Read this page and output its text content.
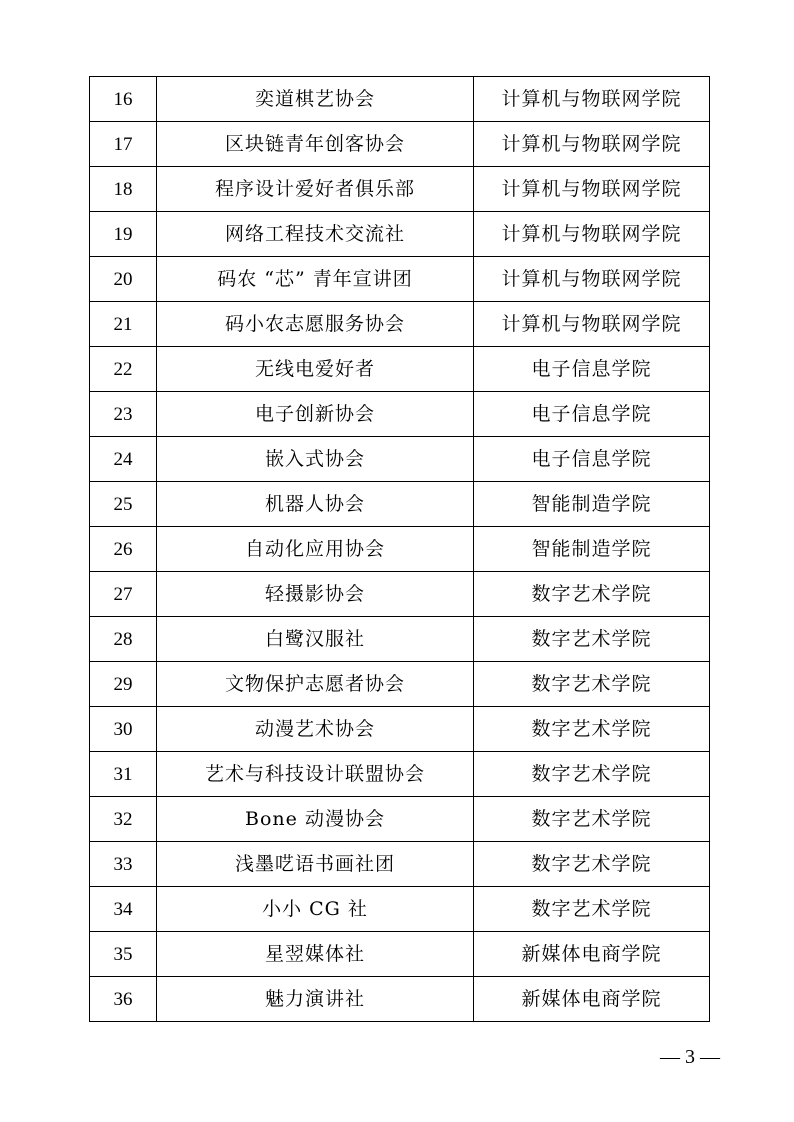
16	奕道棋艺协会	计算机与物联网学院
17	区块链青年创客协会	计算机与物联网学院
18	程序设计爱好者俱乐部	计算机与物联网学院
19	网络工程技术交流社	计算机与物联网学院
20	码农 “芯” 青年宣讲团	计算机与物联网学院
21	码小农志愿服务协会	计算机与物联网学院
22	无线电爱好者	电子信息学院
23	电子创新协会	电子信息学院
24	嵌入式协会	电子信息学院
25	机器人协会	智能制造学院
26	自动化应用协会	智能制造学院
27	轻摄影协会	数字艺术学院
28	白鹭汉服社	数字艺术学院
29	文物保护志愿者协会	数字艺术学院
30	动漫艺术协会	数字艺术学院
31	艺术与科技设计联盟协会	数字艺术学院
32	Bone 动漫协会	数字艺术学院
33	浅墨呓语书画社团	数字艺术学院
34	小小 CG 社	数字艺术学院
35	星翌媒体社	新媒体电商学院
36	魅力演讲社	新媒体电商学院
— 3 —
